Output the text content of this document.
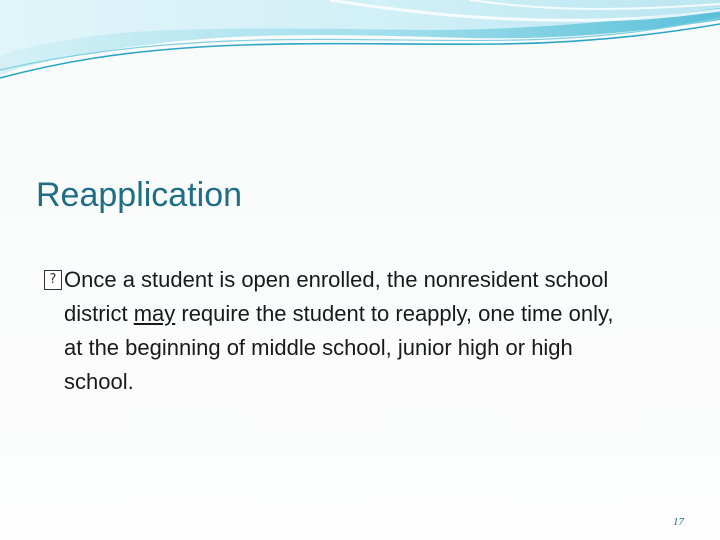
Reapplication
? Once a student is open enrolled, the nonresident school
district may require the student to reapply, one time only,
at the beginning of middle school, junior high or high
school.
17
